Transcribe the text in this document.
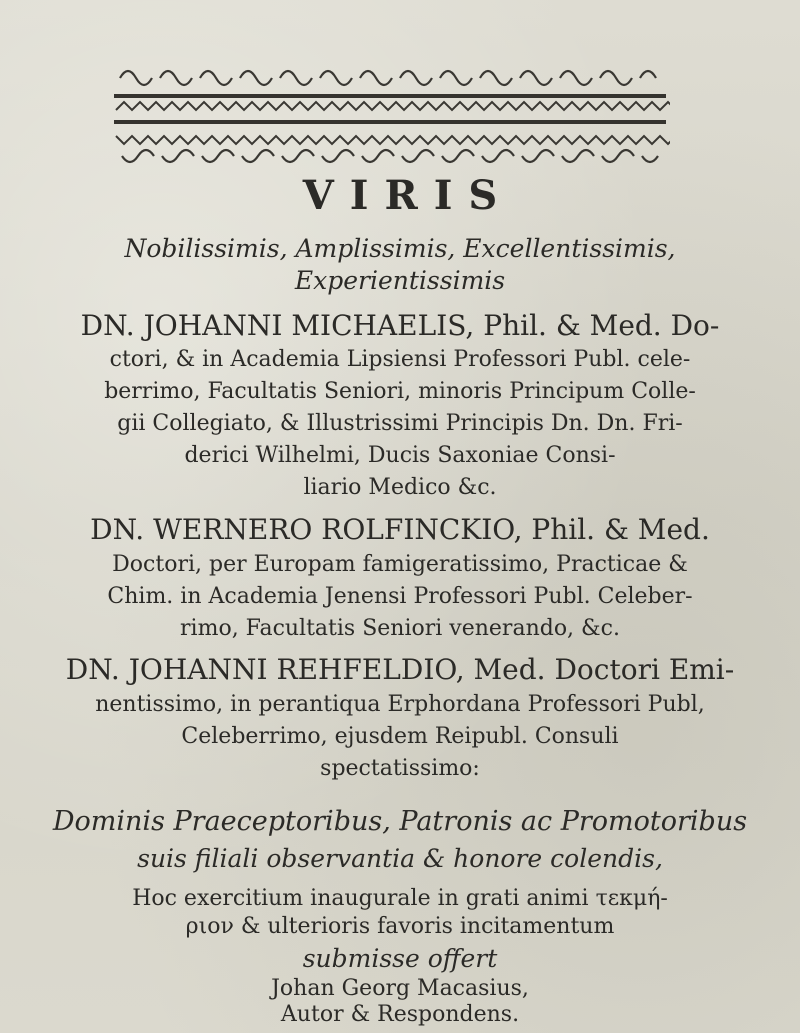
VIRIS
Nobilissimis, Amplissimis, Excellentissimis,
Experientissimis
DN. JOHANNI MICHAELIS, Phil. & Med. Do-
ctori, & in Academia Lipsiensi Professori Publ. cele-
berrimo, Facultatis Seniori, minoris Principum Colle-
gii Collegiato, & Illustrissimi Principis Dn. Dn. Fri-
derici Wilhelmi, Ducis Saxoniae Consi-
liario Medico &c.
DN. WERNERO ROLFINCKIO, Phil. & Med.
Doctori, per Europam famigeratissimo, Practicae &
Chim. in Academia Jenensi Professori Publ. Celeber-
rimo, Facultatis Seniori venerando, &c.
DN. JOHANNI REHFELDIO, Med. Doctori Emi-
nentissimo, in perantiqua Erphordana Professori Publ,
Celeberrimo, ejusdem Reipubl. Consuli
spectatissimo:
Dominis Praeceptoribus, Patronis ac Promotoribus
suis filiali observantia & honore colendis,
Hoc exercitium inaugurale in grati animi τεκμή-
ριον & ulterioris favoris incitamentum
submisse offert
Johan Georg Macasius,
Autor & Respondens.
